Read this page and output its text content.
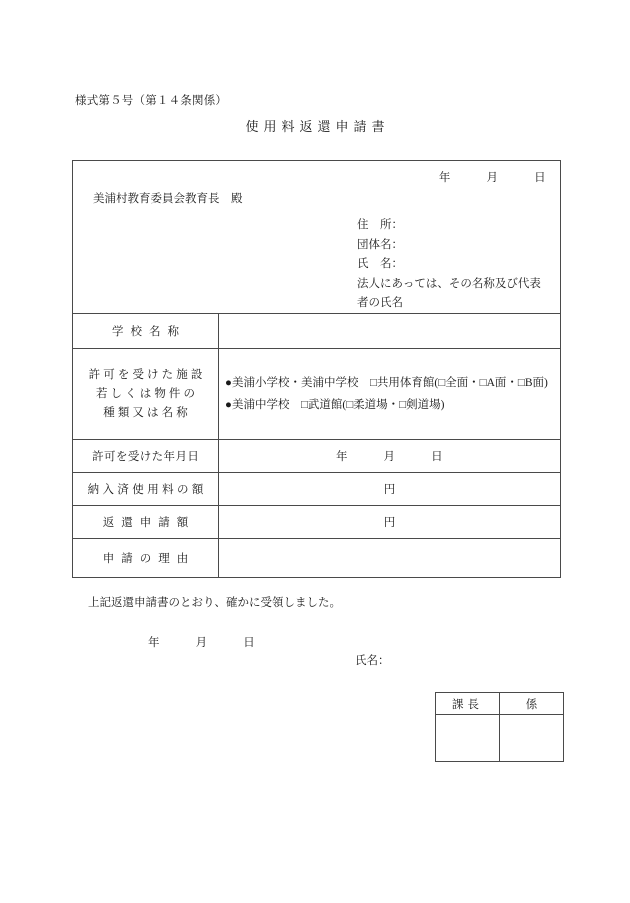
様式第５号（第１４条関係）
使用料返還申請書
年　　　月　　　日
美浦村教育委員会教育長　殿
住　所：
団体名：
氏　名：
法人にあっては、その名称及び代表
者の氏名

学校名称	

許可を受けた施設
若しくは物件の
種類又は名称

●美浦小学校・美浦中学校　□共用体育館(□全面・□A面・□B面)
●美浦中学校　□武道館(□柔道場・□剣道場)

許可を受けた年月日	年　　　月　　　日

納入済使用料の額	円

返還申請額	円

申請の理由	

上記返還申請書のとおり、確かに受領しました。
年　　　月　　　日
氏名：
課長	係
